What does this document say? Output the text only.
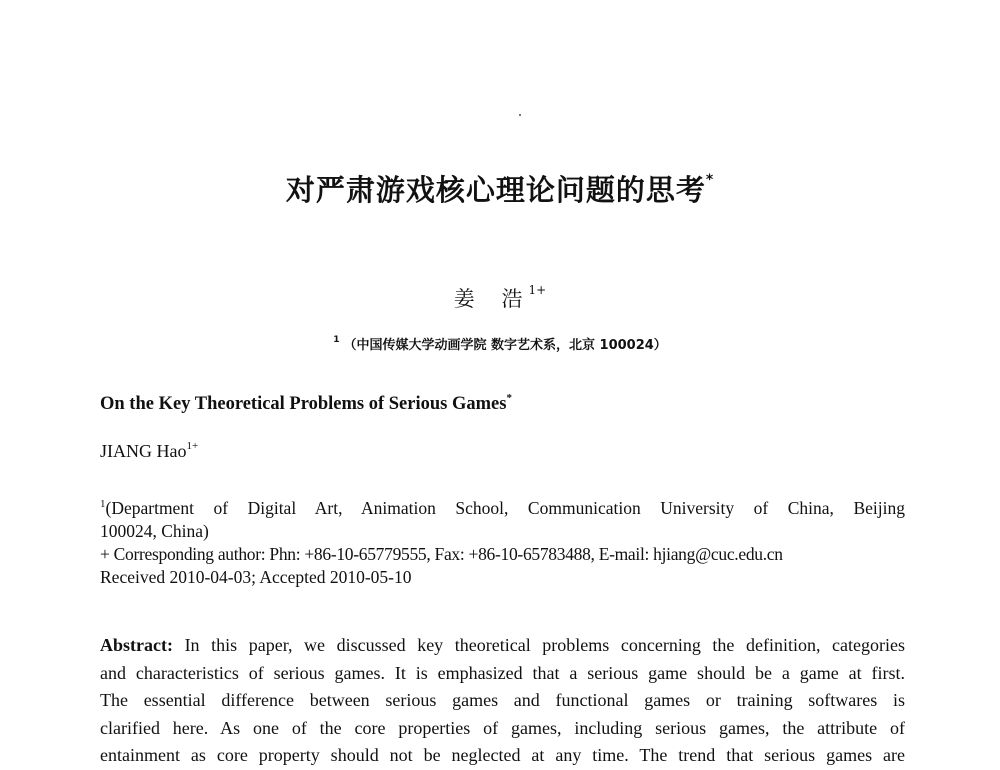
对严肃游戏核心理论问题的思考*
姜 浩$^{1+}$
$^1$ （中国传媒大学动画学院 数字艺术系，北京 100024）
On the Key Theoretical Problems of Serious Games*
JIANG Hao$^{1+}$
$^1$(Department of Digital Art, Animation School, Communication University of China, Beijing
100024, China)
+ Corresponding author: Phn: +86-10-65779555, Fax: +86-10-65783488, E-mail: hjiang@cuc.edu.cn
Received 2010-04-03; Accepted 2010-05-10
Abstract: In this paper, we discussed key theoretical problems concerning the definition, categories
and characteristics of serious games. It is emphasized that a serious game should be a game at first.
The essential difference between serious games and functional games or training softwares is
clarified here. As one of the core properties of games, including serious games, the attribute of
entainment as core property should not be neglected at any time. The trend that serious games are
